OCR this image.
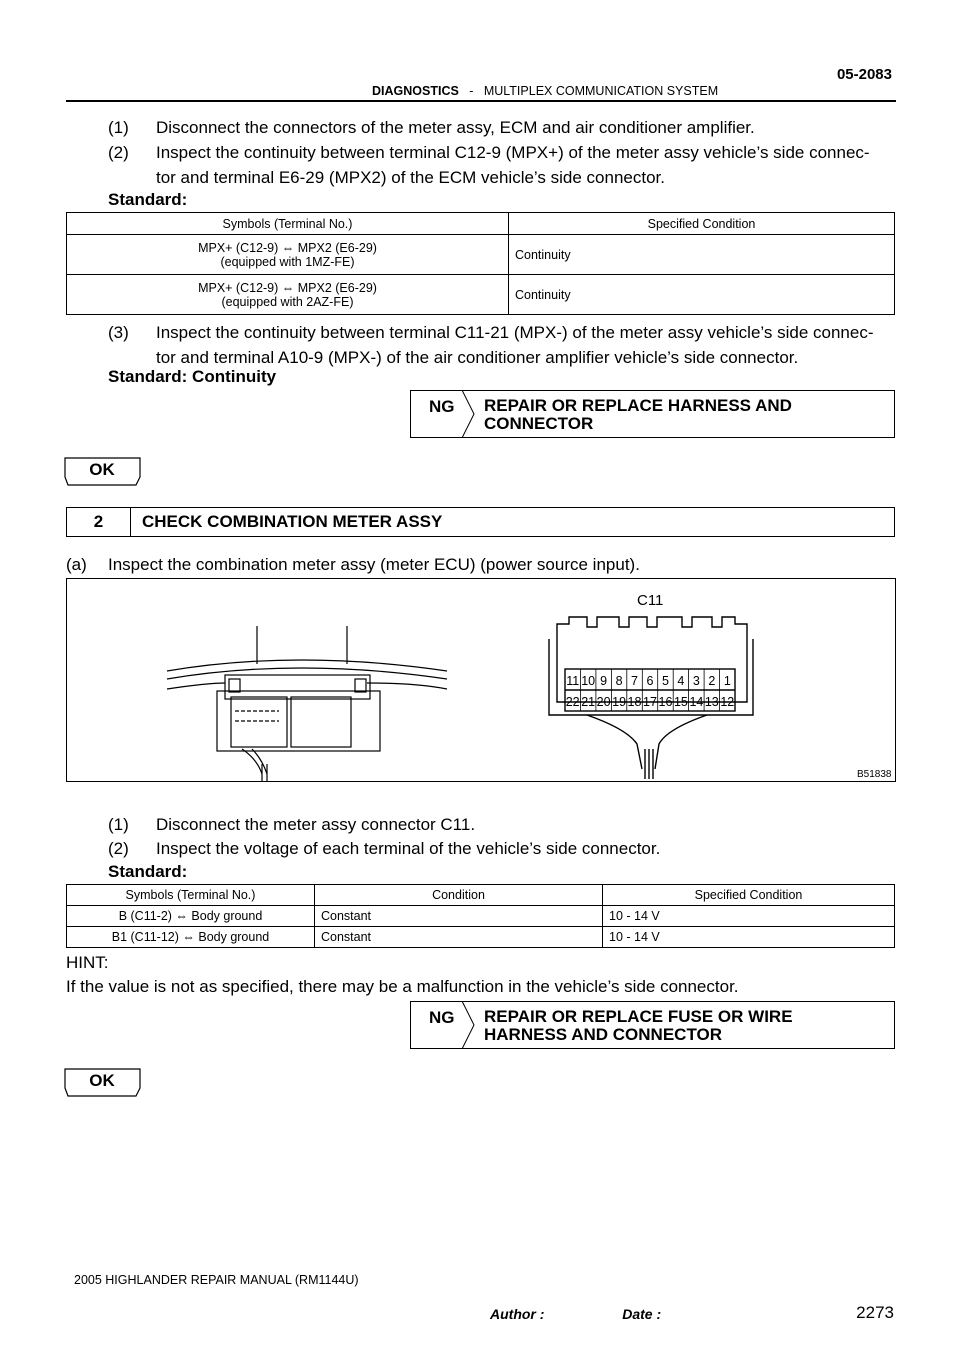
05-2083
DIAGNOSTICS - MULTIPLEX COMMUNICATION SYSTEM
(1) Disconnect the connectors of the meter assy, ECM and air conditioner amplifier.
(2) Inspect the continuity between terminal C12-9 (MPX+) of the meter assy vehicle’s side connec-
tor and terminal E6-29 (MPX2) of the ECM vehicle’s side connector.
Standard:
Symbols (Terminal No.)	Specified Condition

MPX+ (C12-9) ⇔ MPX2 (E6-29)
(equipped with 1MZ-FE)	Continuity

MPX+ (C12-9) ⇔ MPX2 (E6-29)
(equipped with 2AZ-FE)	Continuity
(3) Inspect the continuity between terminal C11-21 (MPX-) of the meter assy vehicle’s side connec-
tor and terminal A10-9 (MPX-) of the air conditioner amplifier vehicle’s side connector.
Standard: Continuity
NG REPAIR OR REPLACE HARNESS AND
CONNECTOR
OK
2	CHECK COMBINATION METER ASSY
(a) Inspect the combination meter assy (meter ECU) (power source input).
C11
11 10 9 8 7 6 5 4 3 2 1
22 21 20 19 18 17 16 15 14 13 12
B51838
(1) Disconnect the meter assy connector C11.
(2) Inspect the voltage of each terminal of the vehicle’s side connector.
Standard:
Symbols (Terminal No.)	Condition	Specified Condition
B (C11-2) ⇔ Body ground	Constant	10 - 14 V
B1 (C11-12) ⇔ Body ground	Constant	10 - 14 V
HINT:
If the value is not as specified, there may be a malfunction in the vehicle’s side connector.
NG REPAIR OR REPLACE FUSE OR WIRE
HARNESS AND CONNECTOR
OK
2005 HIGHLANDER REPAIR MANUAL (RM1144U)
Author :                    Date :	2273
